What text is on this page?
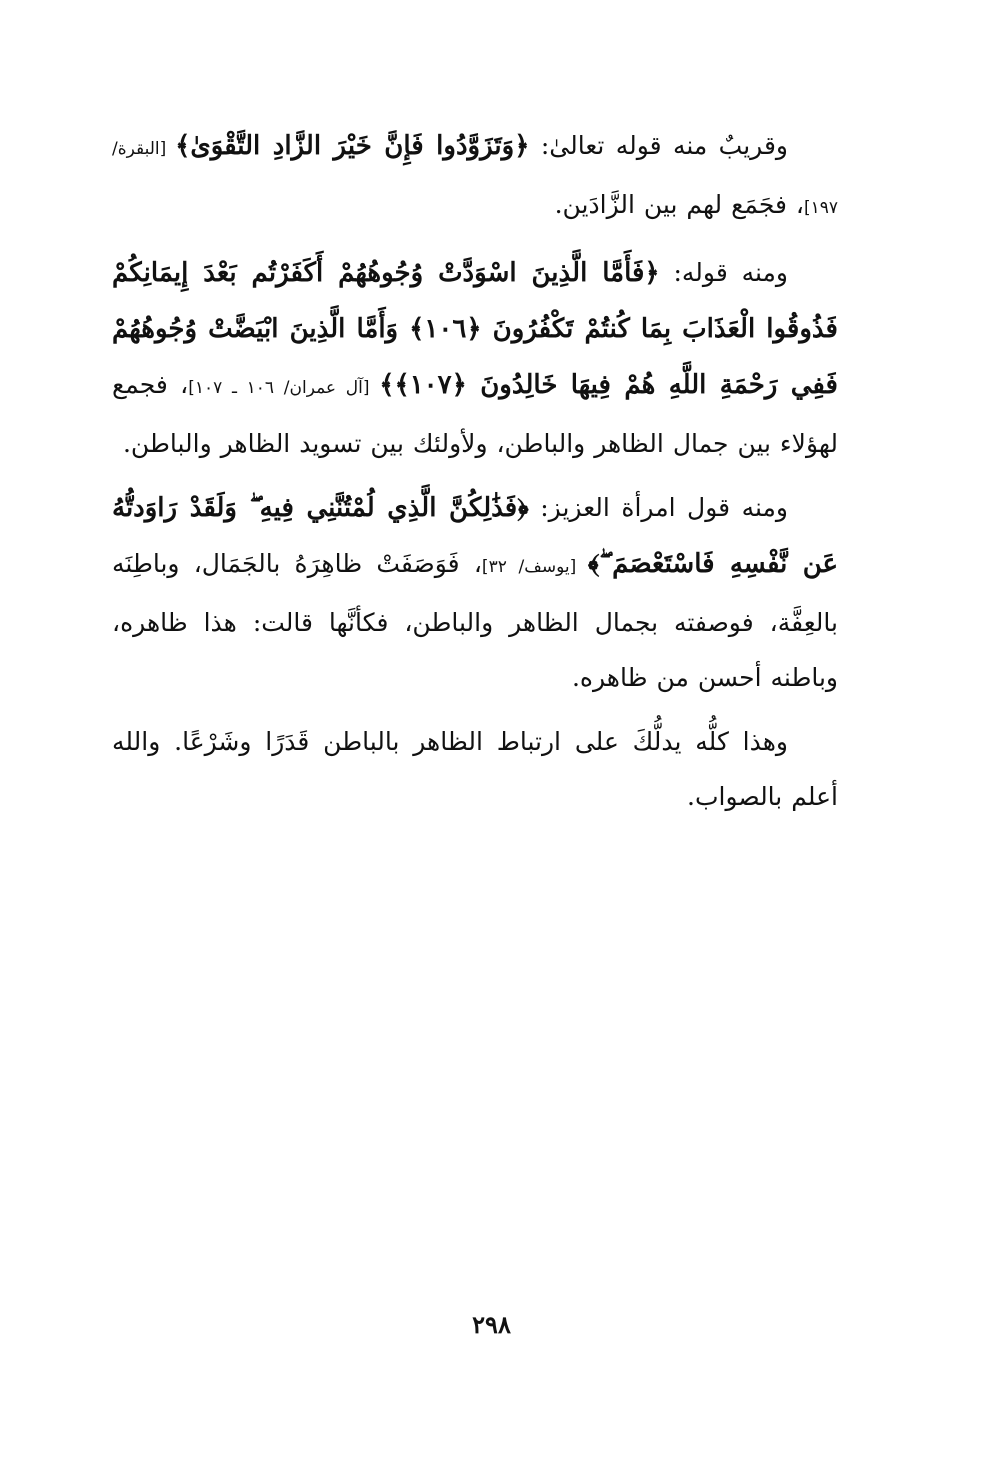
وقريبٌ منه قوله تعالىٰ: ﴿وَتَزَوَّدُوا فَإِنَّ خَيْرَ الزَّادِ التَّقْوَىٰ﴾ [البقرة/ ١٩٧]، فجَمَع لهم بين الزَّادَين.

ومنه قوله: ﴿فَأَمَّا الَّذِينَ اسْوَدَّتْ وُجُوهُهُمْ أَكَفَرْتُم بَعْدَ إِيمَانِكُمْ فَذُوقُوا الْعَذَابَ بِمَا كُنتُمْ تَكْفُرُونَ ﴿١٠٦﴾ وَأَمَّا الَّذِينَ ابْيَضَّتْ وُجُوهُهُمْ فَفِي رَحْمَةِ اللَّهِ هُمْ فِيهَا خَالِدُونَ ﴿١٠٧﴾﴾ [آل عمران/ ١٠٦ ـ ١٠٧]، فجمع لهؤلاء بين جمال الظاهر والباطن، ولأولئك بين تسويد الظاهر والباطن.

ومنه قول امرأة العزيز: ﴿فَذَٰلِكُنَّ الَّذِي لُمْتُنَّنِي فِيهِ ۖ وَلَقَدْ رَاوَدتُّهُ عَن نَّفْسِهِ فَاسْتَعْصَمَ ۖ﴾ [يوسف/ ٣٢]، فَوَصَفَتْ ظاهِرَهُ بالجَمَال، وباطِنَه بالعِفَّة، فوصفته بجمال الظاهر والباطن، فكأنَّها قالت: هذا ظاهره، وباطنه أحسن من ظاهره.

وهذا كلُّه يدلُّكَ على ارتباط الظاهر بالباطن قَدَرًا وشَرْعًا. والله أعلم بالصواب.

٢٩٨
